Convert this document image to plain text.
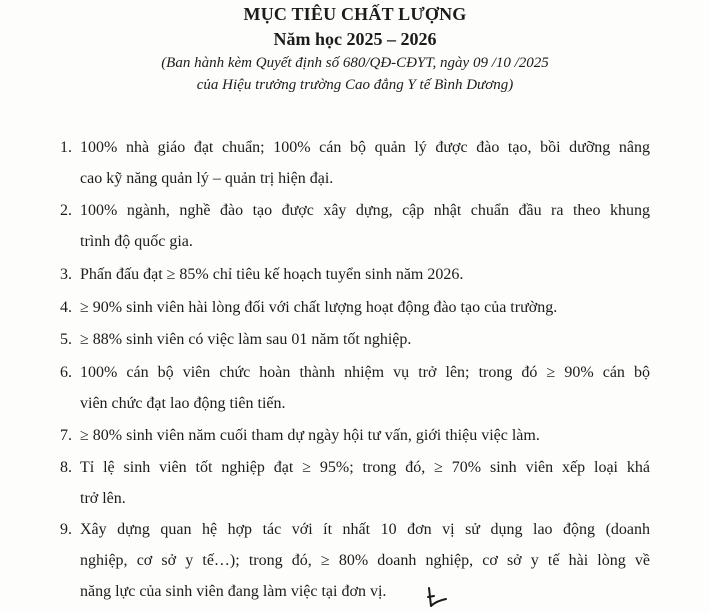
MỤC TIÊU CHẤT LƯỢNG
Năm học 2025 – 2026
(Ban hành kèm Quyết định số 680/QĐ-CĐYT, ngày 09 /10 /2025
của Hiệu trưởng trường Cao đẳng Y tế Bình Dương)
1. 100% nhà giáo đạt chuẩn; 100% cán bộ quản lý được đào tạo, bồi dưỡng nâng
cao kỹ năng quản lý – quản trị hiện đại.
2. 100% ngành, nghề đào tạo được xây dựng, cập nhật chuẩn đầu ra theo khung
trình độ quốc gia.
3. Phấn đấu đạt ≥ 85% chỉ tiêu kế hoạch tuyển sinh năm 2026.
4. ≥ 90% sinh viên hài lòng đối với chất lượng hoạt động đào tạo của trường.
5. ≥ 88% sinh viên có việc làm sau 01 năm tốt nghiệp.
6. 100% cán bộ viên chức hoàn thành nhiệm vụ trở lên; trong đó ≥ 90% cán bộ
viên chức đạt lao động tiên tiến.
7. ≥ 80% sinh viên năm cuối tham dự ngày hội tư vấn, giới thiệu việc làm.
8. Tỉ lệ sinh viên tốt nghiệp đạt ≥ 95%; trong đó, ≥ 70% sinh viên xếp loại khá
trở lên.
9. Xây dựng quan hệ hợp tác với ít nhất 10 đơn vị sử dụng lao động (doanh
nghiệp, cơ sở y tế…); trong đó, ≥ 80% doanh nghiệp, cơ sở y tế hài lòng về
năng lực của sinh viên đang làm việc tại đơn vị.
